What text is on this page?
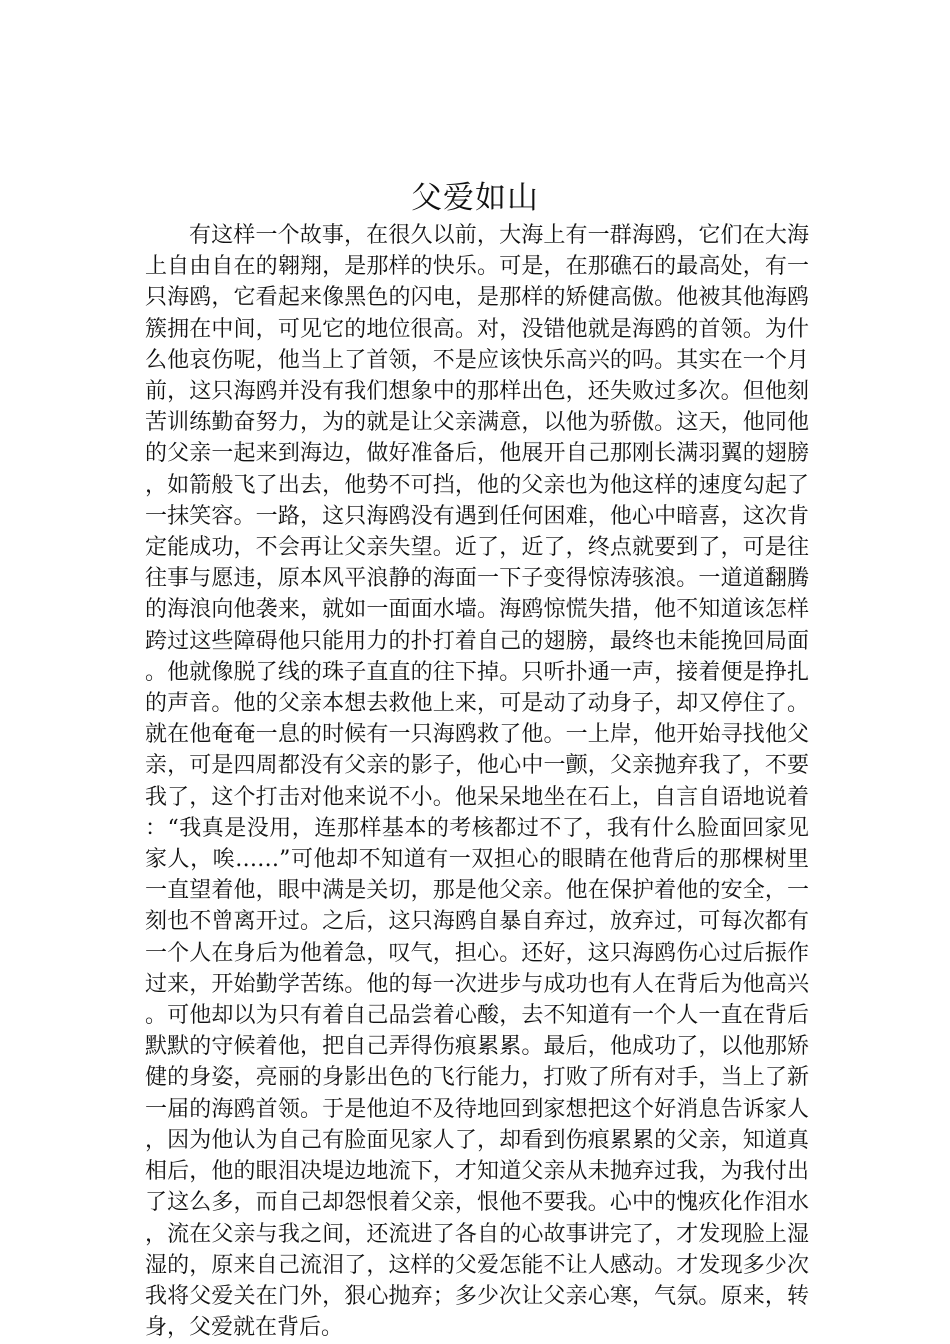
父爱如山

有这样一个故事，在很久以前，大海上有一群海鸥，它们在大海上自由自在的翱翔，是那样的快乐。可是，在那礁石的最高处，有一只海鸥，它看起来像黑色的闪电，是那样的矫健高傲。他被其他海鸥簇拥在中间，可见它的地位很高。对，没错他就是海鸥的首领。为什么他哀伤呢，他当上了首领，不是应该快乐高兴的吗。其实在一个月前，这只海鸥并没有我们想象中的那样出色，还失败过多次。但他刻苦训练勤奋努力，为的就是让父亲满意，以他为骄傲。这天，他同他的父亲一起来到海边，做好准备后，他展开自己那刚长满羽翼的翅膀，如箭般飞了出去，他势不可挡，他的父亲也为他这样的速度勾起了一抹笑容。一路，这只海鸥没有遇到任何困难，他心中暗喜，这次肯定能成功，不会再让父亲失望。近了，近了，终点就要到了，可是往往事与愿违，原本风平浪静的海面一下子变得惊涛骇浪。一道道翻腾的海浪向他袭来，就如一面面水墙。海鸥惊慌失措，他不知道该怎样跨过这些障碍他只能用力的扑打着自己的翅膀，最终也未能挽回局面。他就像脱了线的珠子直直的往下掉。只听扑通一声，接着便是挣扎的声音。他的父亲本想去救他上来，可是动了动身子，却又停住了。就在他奄奄一息的时候有一只海鸥救了他。一上岸，他开始寻找他父亲，可是四周都没有父亲的影子，他心中一颤，父亲抛弃我了，不要我了，这个打击对他来说不小。他呆呆地坐在石上，自言自语地说着：“我真是没用，连那样基本的考核都过不了，我有什么脸面回家见家人，唉……”可他却不知道有一双担心的眼睛在他背后的那棵树里一直望着他，眼中满是关切，那是他父亲。他在保护着他的安全，一刻也不曾离开过。之后，这只海鸥自暴自弃过，放弃过，可每次都有一个人在身后为他着急，叹气，担心。还好，这只海鸥伤心过后振作过来，开始勤学苦练。他的每一次进步与成功也有人在背后为他高兴。可他却以为只有着自己品尝着心酸，去不知道有一个人一直在背后默默的守候着他，把自己弄得伤痕累累。最后，他成功了，以他那矫健的身姿，亮丽的身影出色的飞行能力，打败了所有对手，当上了新一届的海鸥首领。于是他迫不及待地回到家想把这个好消息告诉家人，因为他认为自己有脸面见家人了，却看到伤痕累累的父亲，知道真相后，他的眼泪决堤边地流下，才知道父亲从未抛弃过我，为我付出了这么多，而自己却怨恨着父亲，恨他不要我。心中的愧疚化作泪水，流在父亲与我之间，还流进了各自的心故事讲完了，才发现脸上湿湿的，原来自己流泪了，这样的父爱怎能不让人感动。才发现多少次我将父爱关在门外，狠心抛弃；多少次让父亲心寒，气氛。原来，转身，父爱就在背后。
